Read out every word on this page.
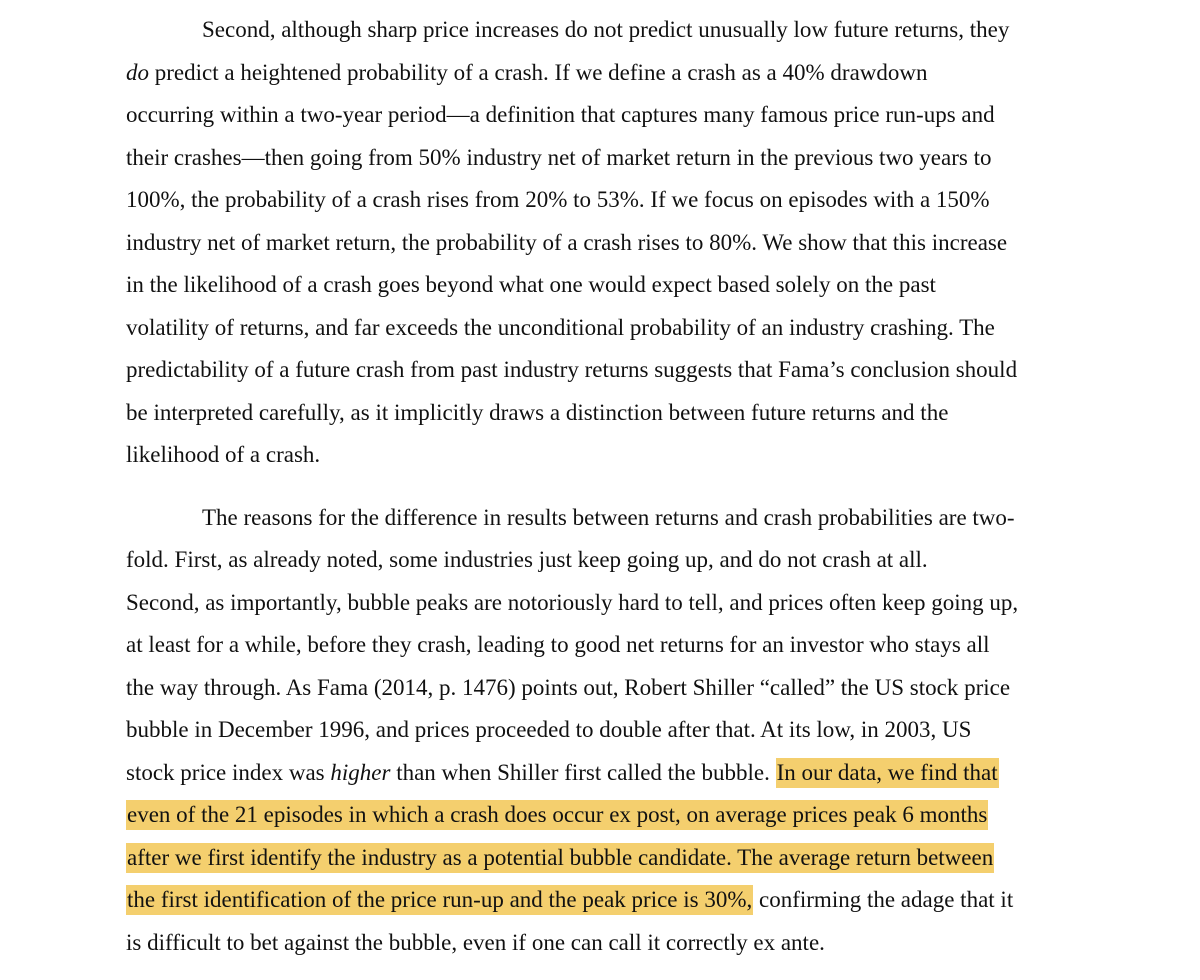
Second, although sharp price increases do not predict unusually low future returns, they
do predict a heightened probability of a crash. If we define a crash as a 40% drawdown
occurring within a two-year period—a definition that captures many famous price run-ups and
their crashes—then going from 50% industry net of market return in the previous two years to
100%, the probability of a crash rises from 20% to 53%. If we focus on episodes with a 150%
industry net of market return, the probability of a crash rises to 80%. We show that this increase
in the likelihood of a crash goes beyond what one would expect based solely on the past
volatility of returns, and far exceeds the unconditional probability of an industry crashing. The
predictability of a future crash from past industry returns suggests that Fama’s conclusion should
be interpreted carefully, as it implicitly draws a distinction between future returns and the
likelihood of a crash.
The reasons for the difference in results between returns and crash probabilities are two-
fold. First, as already noted, some industries just keep going up, and do not crash at all.
Second, as importantly, bubble peaks are notoriously hard to tell, and prices often keep going up,
at least for a while, before they crash, leading to good net returns for an investor who stays all
the way through. As Fama (2014, p. 1476) points out, Robert Shiller “called” the US stock price
bubble in December 1996, and prices proceeded to double after that. At its low, in 2003, US
stock price index was higher than when Shiller first called the bubble. In our data, we find that
even of the 21 episodes in which a crash does occur ex post, on average prices peak 6 months
after we first identify the industry as a potential bubble candidate. The average return between
the first identification of the price run-up and the peak price is 30%, confirming the adage that it
is difficult to bet against the bubble, even if one can call it correctly ex ante.
